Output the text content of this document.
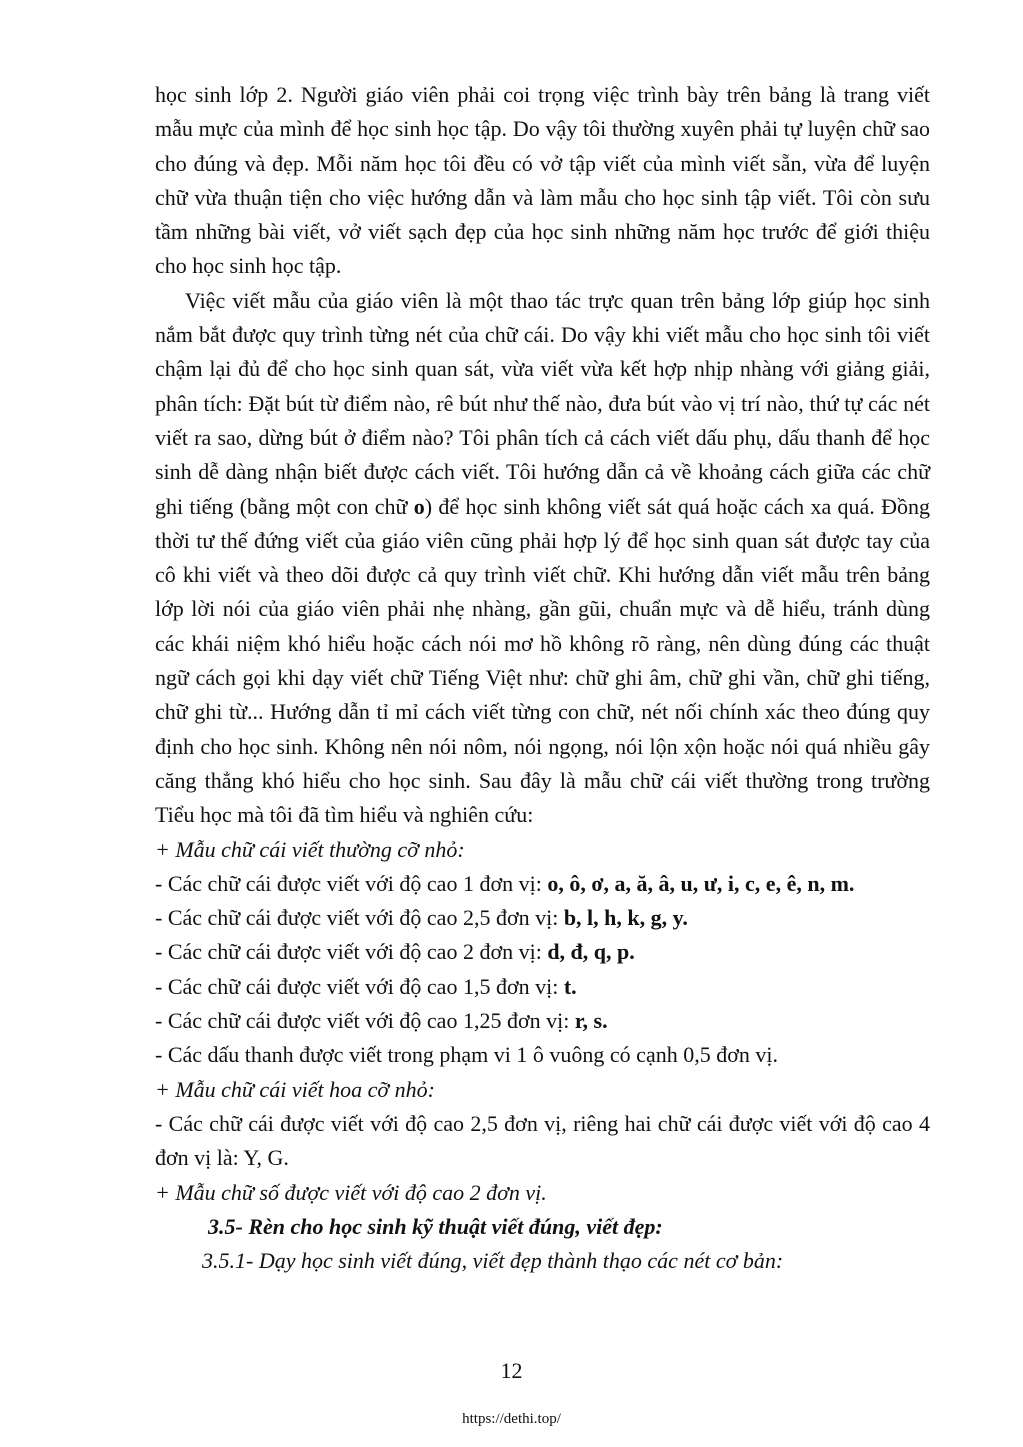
học sinh lớp 2. Người giáo viên phải coi trọng việc trình bày trên bảng là trang viết mẫu mực của mình để học sinh học tập. Do vậy tôi thường xuyên phải tự luyện chữ sao cho đúng và đẹp. Mỗi năm học tôi đều có vở tập viết của mình viết sẵn, vừa để luyện chữ vừa thuận tiện cho việc hướng dẫn và làm mẫu cho học sinh tập viết. Tôi còn sưu tầm những bài viết, vở viết sạch đẹp của học sinh những năm học trước để giới thiệu cho học sinh học tập.

Việc viết mẫu của giáo viên là một thao tác trực quan trên bảng lớp giúp học sinh nắm bắt được quy trình từng nét của chữ cái. Do vậy khi viết mẫu cho học sinh tôi viết chậm lại đủ để cho học sinh quan sát, vừa viết vừa kết hợp nhịp nhàng với giảng giải, phân tích: Đặt bút từ điểm nào, rê bút như thế nào, đưa bút vào vị trí nào, thứ tự các nét viết ra sao, dừng bút ở điểm nào? Tôi phân tích cả cách viết dấu phụ, dấu thanh để học sinh dễ dàng nhận biết được cách viết. Tôi hướng dẫn cả về khoảng cách giữa các chữ ghi tiếng (bằng một con chữ o) để học sinh không viết sát quá hoặc cách xa quá. Đồng thời tư thế đứng viết của giáo viên cũng phải hợp lý để học sinh quan sát được tay của cô khi viết và theo dõi được cả quy trình viết chữ. Khi hướng dẫn viết mẫu trên bảng lớp lời nói của giáo viên phải nhẹ nhàng, gần gũi, chuẩn mực và dễ hiểu, tránh dùng các khái niệm khó hiểu hoặc cách nói mơ hồ không rõ ràng, nên dùng đúng các thuật ngữ cách gọi khi dạy viết chữ Tiếng Việt như: chữ ghi âm, chữ ghi vần, chữ ghi tiếng, chữ ghi từ... Hướng dẫn tỉ mỉ cách viết từng con chữ, nét nối chính xác theo đúng quy định cho học sinh. Không nên nói nôm, nói ngọng, nói lộn xộn hoặc nói quá nhiều gây căng thẳng khó hiểu cho học sinh. Sau đây là mẫu chữ cái viết thường trong trường Tiểu học mà tôi đã tìm hiểu và nghiên cứu:

+ Mẫu chữ cái viết thường cỡ nhỏ:

- Các chữ cái được viết với độ cao 1 đơn vị: o, ô, ơ, a, ă, â, u, ư, i, c, e, ê, n, m.

- Các chữ cái được viết với độ cao 2,5 đơn vị: b, l, h, k, g, y.

- Các chữ cái được viết với độ cao 2 đơn vị: d, đ, q, p.

- Các chữ cái được viết với độ cao 1,5 đơn vị: t.

- Các chữ cái được viết với độ cao 1,25 đơn vị: r, s.

- Các dấu thanh được viết trong phạm vi 1 ô vuông có cạnh 0,5 đơn vị.

+ Mẫu chữ cái viết hoa cỡ nhỏ:

- Các chữ cái được viết với độ cao 2,5 đơn vị, riêng hai chữ cái được viết với độ cao 4 đơn vị là: Y, G.

+ Mẫu chữ số được viết với độ cao 2 đơn vị.

3.5- Rèn cho học sinh kỹ thuật viết đúng, viết đẹp:

3.5.1- Dạy học sinh viết đúng, viết đẹp thành thạo các nét cơ bản:

12
https://dethi.top/
